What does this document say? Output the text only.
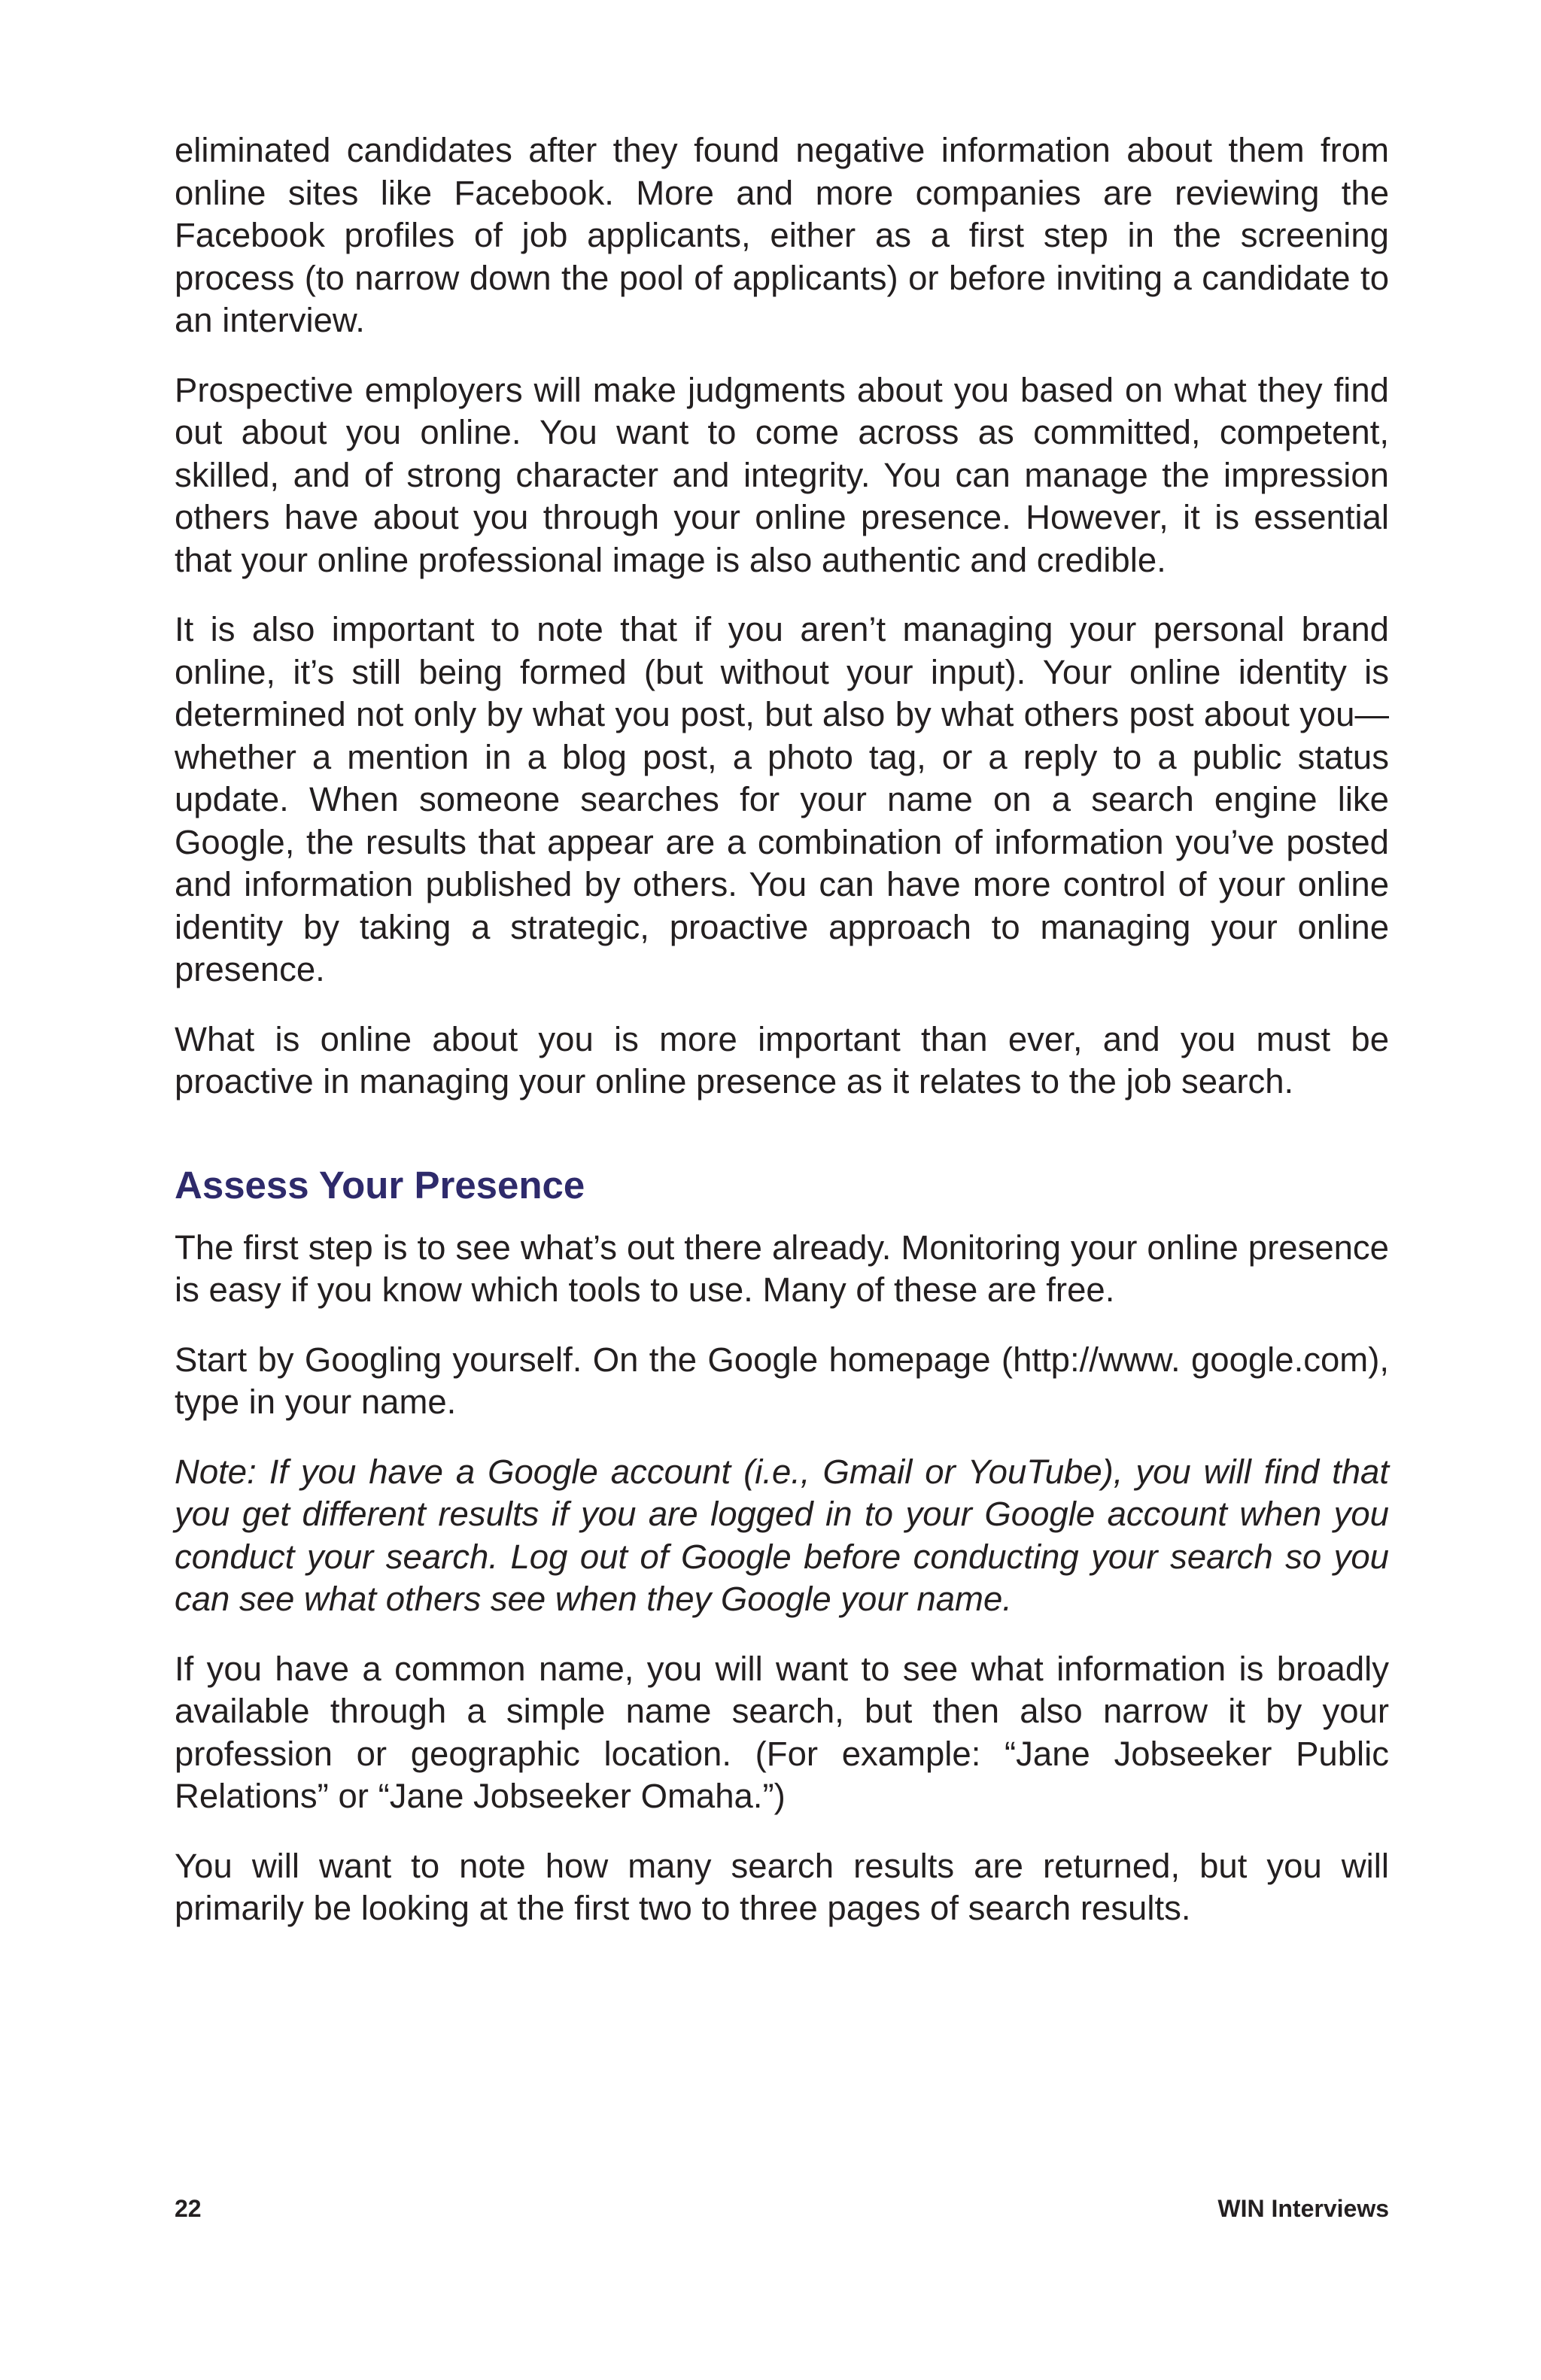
eliminated candidates after they found negative information about them from online sites like Facebook. More and more companies are reviewing the Facebook profiles of job applicants, either as a first step in the screening process (to narrow down the pool of applicants) or before inviting a candidate to an interview.

Prospective employers will make judgments about you based on what they find out about you online. You want to come across as committed, competent, skilled, and of strong character and integrity. You can manage the impression others have about you through your online presence. However, it is essential that your online professional image is also authentic and credible.

It is also important to note that if you aren’t managing your personal brand online, it’s still being formed (but without your input). Your online identity is determined not only by what you post, but also by what others post about you—whether a mention in a blog post, a photo tag, or a reply to a public status update. When someone searches for your name on a search engine like Google, the results that appear are a combination of information you’ve posted and information published by others. You can have more control of your online identity by taking a strategic, proactive approach to managing your online presence.

What is online about you is more important than ever, and you must be proactive in managing your online presence as it relates to the job search.

Assess Your Presence

The first step is to see what’s out there already. Monitoring your online presence is easy if you know which tools to use. Many of these are free.

Start by Googling yourself. On the Google homepage (http://www. google.com), type in your name.

Note: If you have a Google account (i.e., Gmail or YouTube), you will find that you get different results if you are logged in to your Google account when you conduct your search. Log out of Google before conducting your search so you can see what others see when they Google your name.

If you have a common name, you will want to see what information is broadly available through a simple name search, but then also narrow it by your profession or geographic location. (For example: “Jane Jobseeker Public Relations” or “Jane Jobseeker Omaha.”)

You will want to note how many search results are returned, but you will primarily be looking at the first two to three pages of search results.

22	WIN Interviews
